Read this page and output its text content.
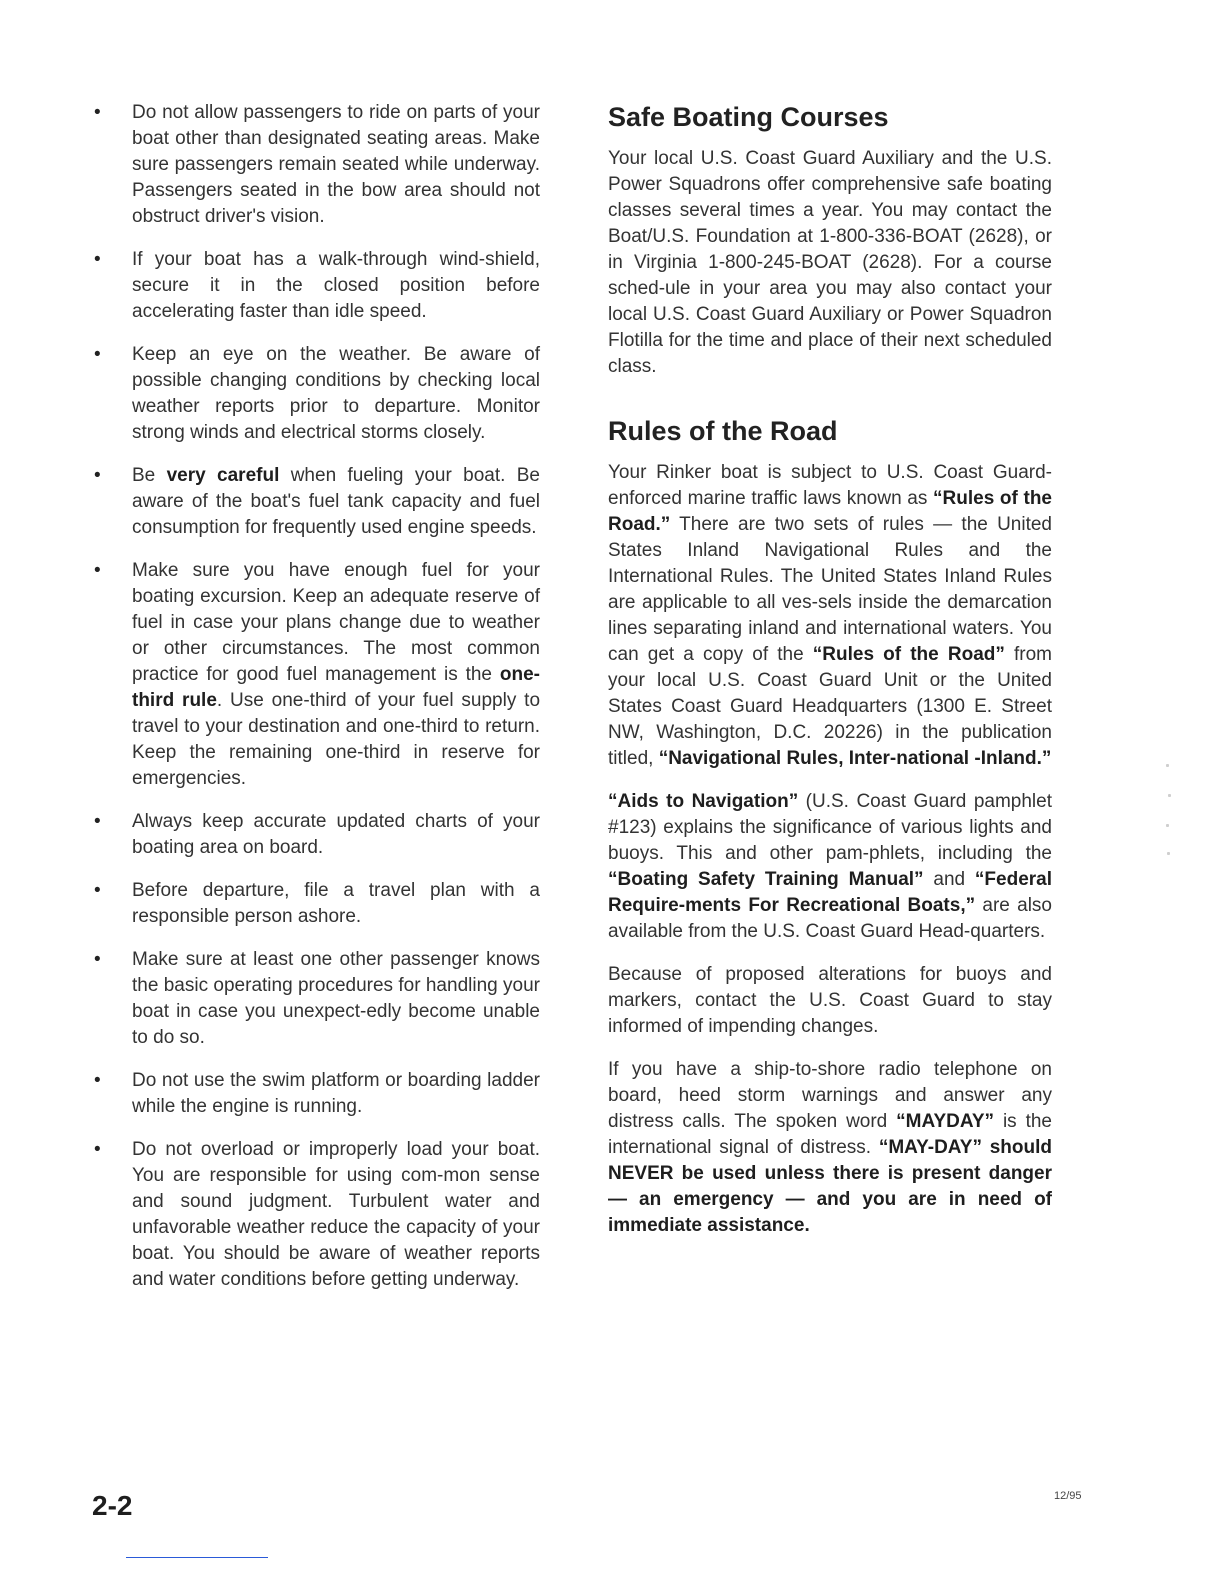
• Do not allow passengers to ride on parts of your boat other than designated seating areas. Make sure passengers remain seated while underway. Passengers seated in the bow area should not obstruct driver's vision.
• If your boat has a walk-through wind-shield, secure it in the closed position before accelerating faster than idle speed.
• Keep an eye on the weather. Be aware of possible changing conditions by checking local weather reports prior to departure. Monitor strong winds and electrical storms closely.
• Be very careful when fueling your boat. Be aware of the boat's fuel tank capacity and fuel consumption for frequently used engine speeds.
• Make sure you have enough fuel for your boating excursion. Keep an adequate reserve of fuel in case your plans change due to weather or other circumstances. The most common practice for good fuel management is the one-third rule. Use one-third of your fuel supply to travel to your destination and one-third to return. Keep the remaining one-third in reserve for emergencies.
• Always keep accurate updated charts of your boating area on board.
• Before departure, file a travel plan with a responsible person ashore.
• Make sure at least one other passenger knows the basic operating procedures for handling your boat in case you unexpect-edly become unable to do so.
• Do not use the swim platform or boarding ladder while the engine is running.
• Do not overload or improperly load your boat. You are responsible for using com-mon sense and sound judgment. Turbulent water and unfavorable weather reduce the capacity of your boat. You should be aware of weather reports and water conditions before getting underway.
Safe Boating Courses

Your local U.S. Coast Guard Auxiliary and the U.S. Power Squadrons offer comprehensive safe boating classes several times a year. You may contact the Boat/U.S. Foundation at 1-800-336-BOAT (2628), or in Virginia 1-800-245-BOAT (2628). For a course sched-ule in your area you may also contact your local U.S. Coast Guard Auxiliary or Power Squadron Flotilla for the time and place of their next scheduled class.

Rules of the Road

Your Rinker boat is subject to U.S. Coast Guard-enforced marine traffic laws known as “Rules of the Road.” There are two sets of rules — the United States Inland Navigational Rules and the International Rules. The United States Inland Rules are applicable to all ves-sels inside the demarcation lines separating inland and international waters. You can get a copy of the “Rules of the Road” from your local U.S. Coast Guard Unit or the United States Coast Guard Headquarters (1300 E. Street NW, Washington, D.C. 20226) in the publication titled, “Navigational Rules, Inter-national -Inland.”

“Aids to Navigation” (U.S. Coast Guard pamphlet #123) explains the significance of various lights and buoys. This and other pam-phlets, including the “Boating Safety Training Manual” and “Federal Require-ments For Recreational Boats,” are also available from the U.S. Coast Guard Head-quarters.

Because of proposed alterations for buoys and markers, contact the U.S. Coast Guard to stay informed of impending changes.

If you have a ship-to-shore radio telephone on board, heed storm warnings and answer any distress calls. The spoken word “MAYDAY” is the international signal of distress. “MAY-DAY” should NEVER be used unless there is present danger — an emergency — and you are in need of immediate assistance.

2-2	12/95
